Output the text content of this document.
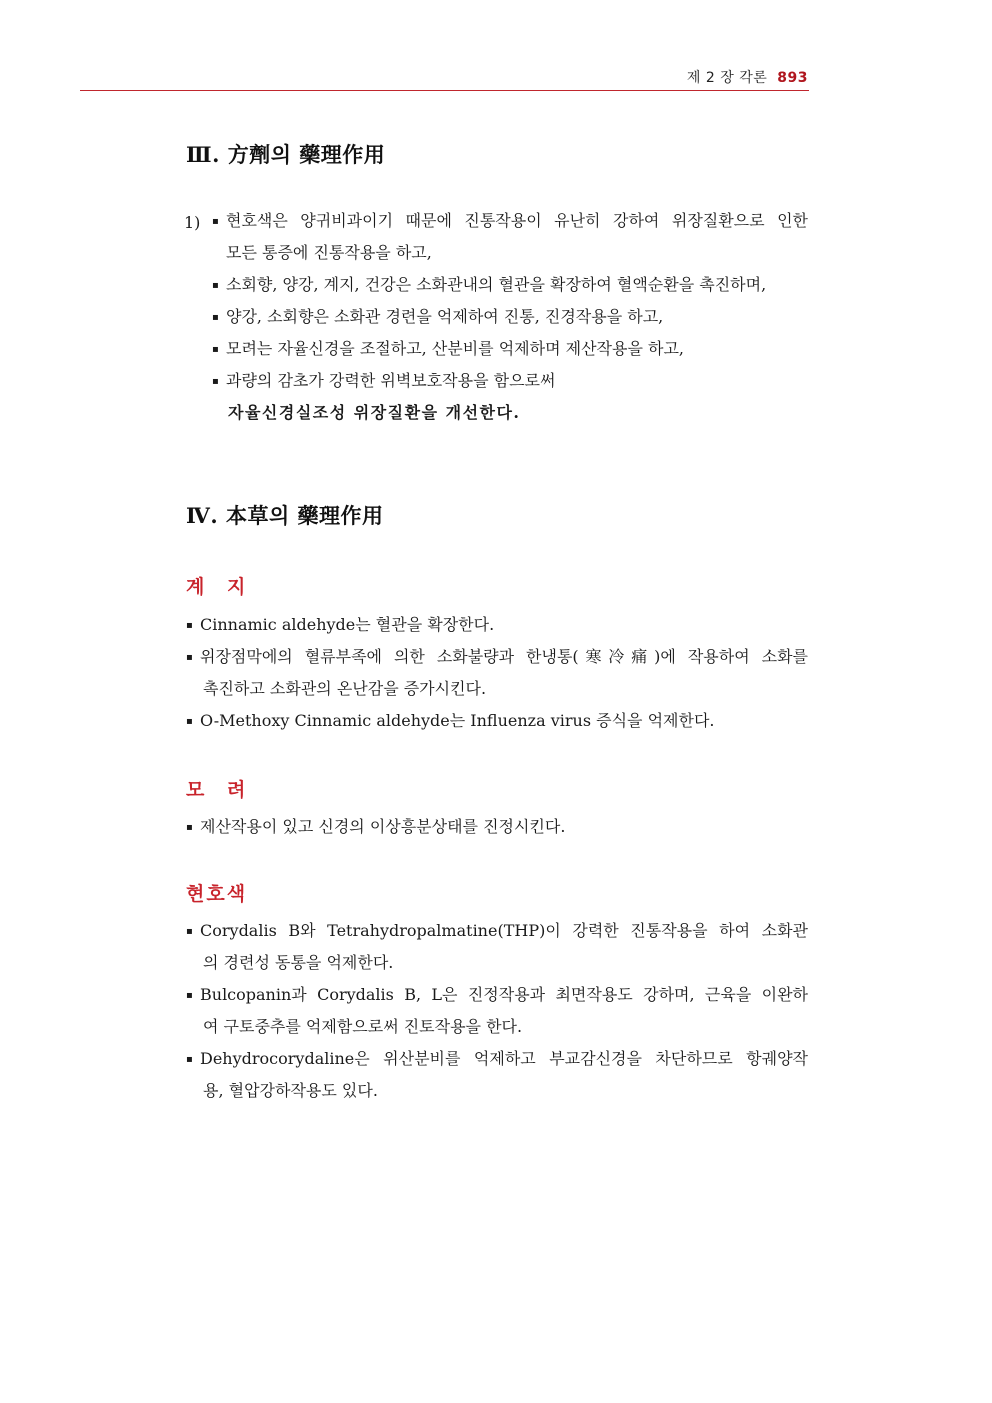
제 2 장 각론 893
Ⅲ. 方劑의 藥理作用
1) ▪ 현호색은 양귀비과이기 때문에 진통작용이 유난히 강하여 위장질환으로 인한
모든 통증에 진통작용을 하고,
▪ 소회향, 양강, 계지, 건강은 소화관내의 혈관을 확장하여 혈액순환을 촉진하며,
▪ 양강, 소회향은 소화관 경련을 억제하여 진통, 진경작용을 하고,
▪ 모려는 자율신경을 조절하고, 산분비를 억제하며 제산작용을 하고,
▪ 과량의 감초가 강력한 위벽보호작용을 함으로써
자율신경실조성 위장질환을 개선한다.
Ⅳ. 本草의 藥理作用
계 지
▪ Cinnamic aldehyde는 혈관을 확장한다.
▪ 위장점막에의 혈류부족에 의한 소화불량과 한냉통(寒冷痛)에 작용하여 소화를
촉진하고 소화관의 온난감을 증가시킨다.
▪ O-Methoxy Cinnamic aldehyde는 Influenza virus 증식을 억제한다.
모 려
▪ 제산작용이 있고 신경의 이상흥분상태를 진정시킨다.
현호색
▪ Corydalis B와 Tetrahydropalmatine(THP)이 강력한 진통작용을 하여 소화관
의 경련성 동통을 억제한다.
▪ Bulcopanin과 Corydalis B, L은 진정작용과 최면작용도 강하며, 근육을 이완하
여 구토중추를 억제함으로써 진토작용을 한다.
▪ Dehydrocorydaline은 위산분비를 억제하고 부교감신경을 차단하므로 항궤양작
용, 혈압강하작용도 있다.
